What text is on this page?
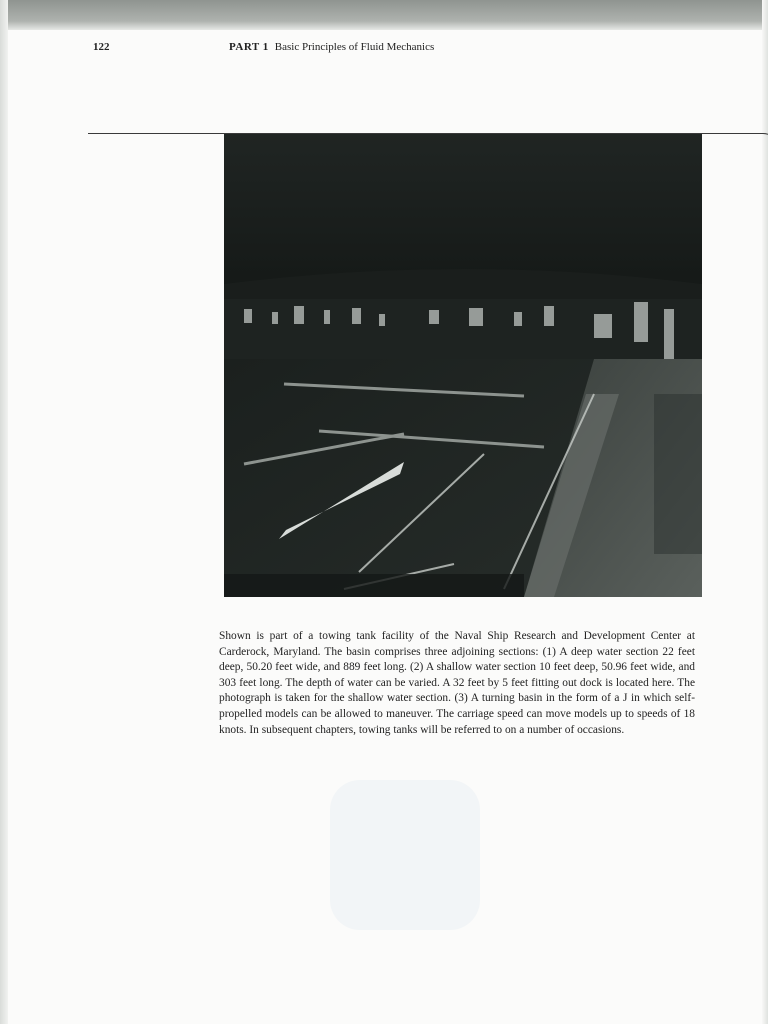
122	PART 1 Basic Principles of Fluid Mechanics
Shown is part of a towing tank facility of the Naval Ship Research and Development Center at Carderock, Maryland. The basin comprises three adjoining sections: (1) A deep water section 22 feet deep, 50.20 feet wide, and 889 feet long. (2) A shallow water section 10 feet deep, 50.96 feet wide, and 303 feet long. The depth of water can be varied. A 32 feet by 5 feet fitting out dock is located here. The photograph is taken for the shallow water section. (3) A turning basin in the form of a J in which self-propelled models can be allowed to maneuver. The carriage speed can move models up to speeds of 18 knots. In subsequent chapters, towing tanks will be referred to on a number of occasions.
